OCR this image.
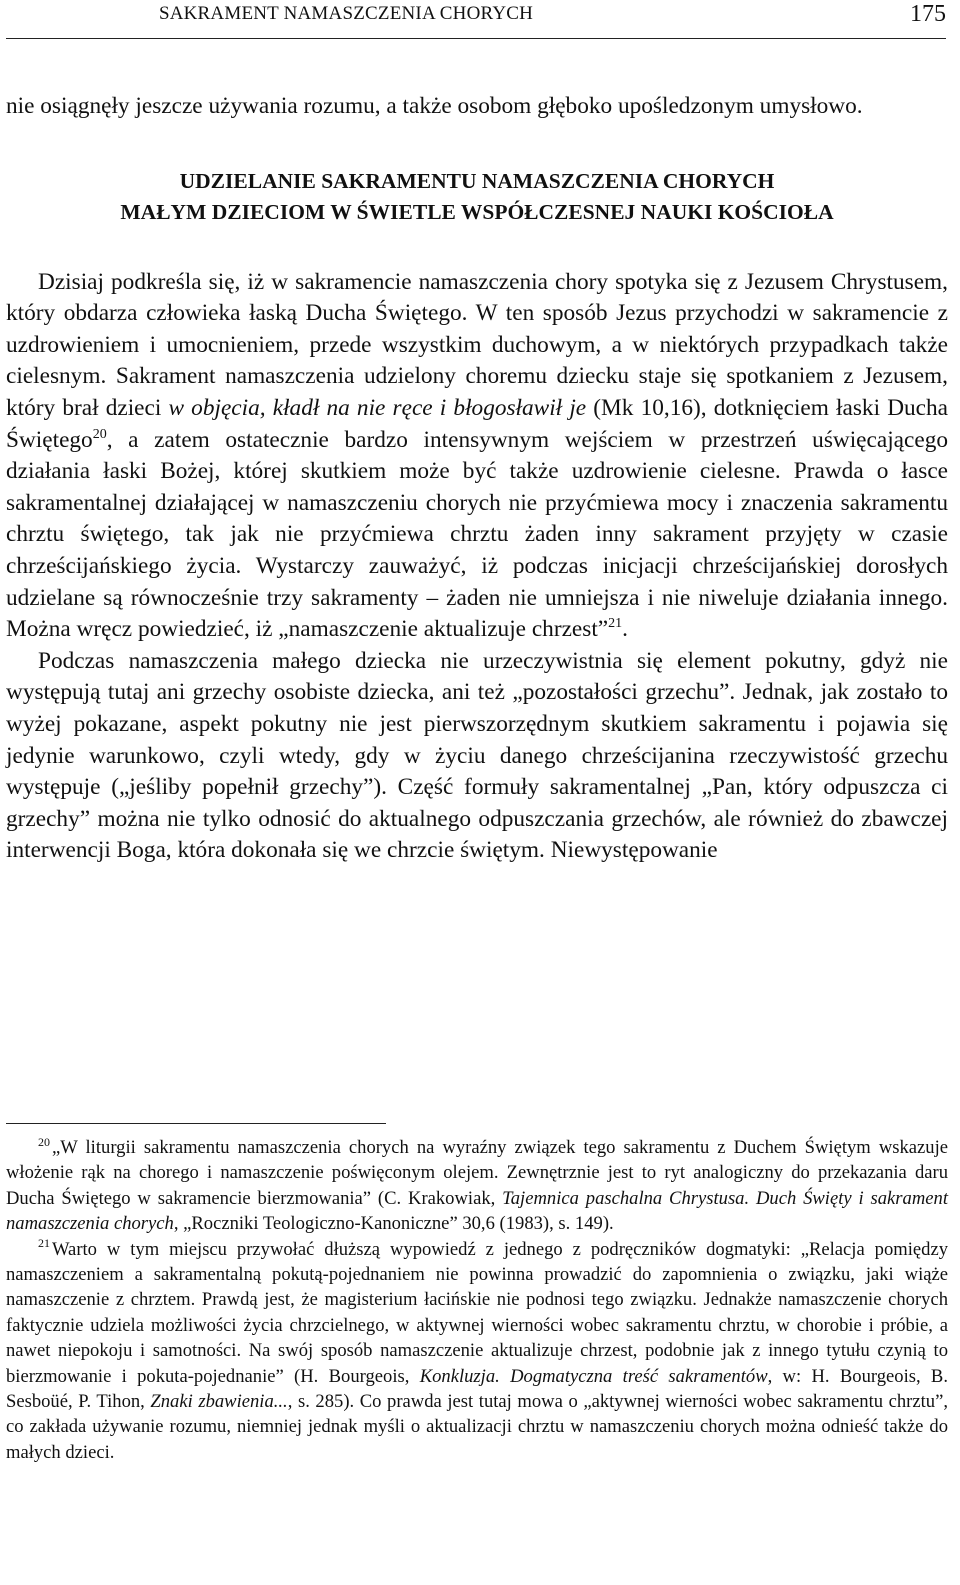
SAKRAMENT NAMASZCZENIA CHORYCH	175

nie osiągnęły jeszcze używania rozumu, a także osobom głęboko upośledzonym umysłowo.

UDZIELANIE SAKRAMENTU NAMASZCZENIA CHORYCH
MAŁYM DZIECIOM W ŚWIETLE WSPÓŁCZESNEJ NAUKI KOŚCIOŁA

Dzisiaj podkreśla się, iż w sakramencie namaszczenia chory spotyka się z Jezusem Chrystusem, który obdarza człowieka łaską Ducha Świętego. W ten sposób Jezus przychodzi w sakramencie z uzdrowieniem i umocnieniem, przede wszystkim duchowym, a w niektórych przypadkach także cielesnym. Sakrament namaszczenia udzielony choremu dziecku staje się spotkaniem z Jezusem, który brał dzieci w objęcia, kładł na nie ręce i błogosławił je (Mk 10,16), dotknięciem łaski Ducha Świętego$^{20}$, a zatem ostatecznie bardzo intensywnym wejściem w przestrzeń uświęcającego działania łaski Bożej, której skutkiem może być także uzdrowienie cielesne. Prawda o łasce sakramentalnej działającej w namaszczeniu chorych nie przyćmiewa mocy i znaczenia sakramentu chrztu świętego, tak jak nie przyćmiewa chrztu żaden inny sakrament przyjęty w czasie chrześcijańskiego życia. Wystarczy zauważyć, iż podczas inicjacji chrześcijańskiej dorosłych udzielane są równocześnie trzy sakramenty – żaden nie umniejsza i nie niweluje działania innego. Można wręcz powiedzieć, iż „namaszczenie aktualizuje chrzest”$^{21}$.

Podczas namaszczenia małego dziecka nie urzeczywistnia się element pokutny, gdyż nie występują tutaj ani grzechy osobiste dziecka, ani też „pozostałości grzechu”. Jednak, jak zostało to wyżej pokazane, aspekt pokutny nie jest pierwszorzędnym skutkiem sakramentu i pojawia się jedynie warunkowo, czyli wtedy, gdy w życiu danego chrześcijanina rzeczywistość grzechu występuje („jeśliby popełnił grzechy”). Część formuły sakramentalnej „Pan, który odpuszcza ci grzechy” można nie tylko odnosić do aktualnego odpuszczania grzechów, ale również do zbawczej interwencji Boga, która dokonała się we chrzcie świętym. Niewystępowanie

$^{20}$ „W liturgii sakramentu namaszczenia chorych na wyraźny związek tego sakramentu z Duchem Świętym wskazuje włożenie rąk na chorego i namaszczenie poświęconym olejem. Zewnętrznie jest to ryt analogiczny do przekazania daru Ducha Świętego w sakramencie bierzmowania” (C. Krakowiak, Tajemnica paschalna Chrystusa. Duch Święty i sakrament namaszczenia chorych, „Roczniki Teologiczno-Kanoniczne” 30,6 (1983), s. 149).

$^{21}$ Warto w tym miejscu przywołać dłuższą wypowiedź z jednego z podręczników dogmatyki: „Relacja pomiędzy namaszczeniem a sakramentalną pokutą-pojednaniem nie powinna prowadzić do zapomnienia o związku, jaki wiąże namaszczenie z chrztem. Prawdą jest, że magisterium łacińskie nie podnosi tego związku. Jednakże namaszczenie chorych faktycznie udziela możliwości życia chrzcielnego, w aktywnej wierności wobec sakramentu chrztu, w chorobie i próbie, a nawet niepokoju i samotności. Na swój sposób namaszczenie aktualizuje chrzest, podobnie jak z innego tytułu czynią to bierzmowanie i pokuta-pojednanie” (H. Bourgeois, Konkluzja. Dogmatyczna treść sakramentów, w: H. Bourgeois, B. Sesboüé, P. Tihon, Znaki zbawienia..., s. 285). Co prawda jest tutaj mowa o „aktywnej wierności wobec sakramentu chrztu”, co zakłada używanie rozumu, niemniej jednak myśli o aktualizacji chrztu w namaszczeniu chorych można odnieść także do małych dzieci.
